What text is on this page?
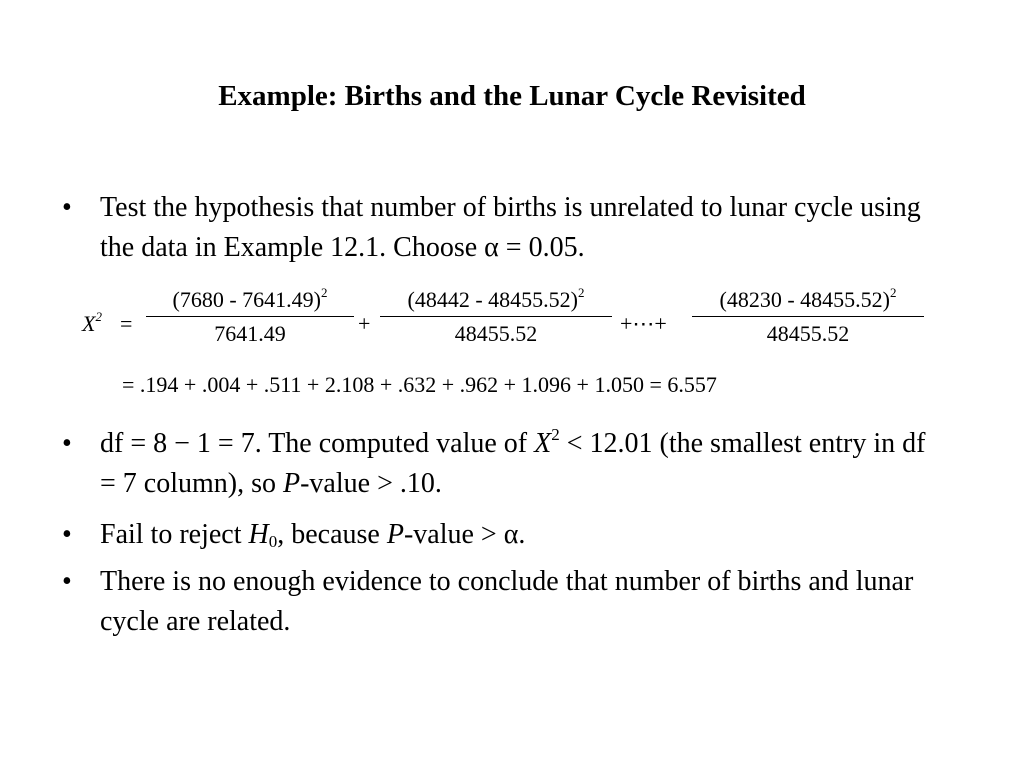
Example: Births and the Lunar Cycle Revisited
•	Test the hypothesis that number of births is unrelated to lunar cycle using the data in Example 12.1. Choose α = 0.05.
$X^2$ =
(7680 - 7641.49)$^2$
7641.49	+
(48442 - 48455.52)$^2$
48455.52	+⋯+
(48230 - 48455.52)$^2$
48455.52
= .194 + .004 + .511 + 2.108 + .632 + .962 + 1.096 + 1.050 = 6.557
•	df = 8 − 1 = 7. The computed value of $X^2 < 12.01$ (the smallest entry in df = 7 column), so P-value > .10.
•	Fail to reject $H_0$, because P-value > α.
•	There is no enough evidence to conclude that number of births and lunar cycle are related.
